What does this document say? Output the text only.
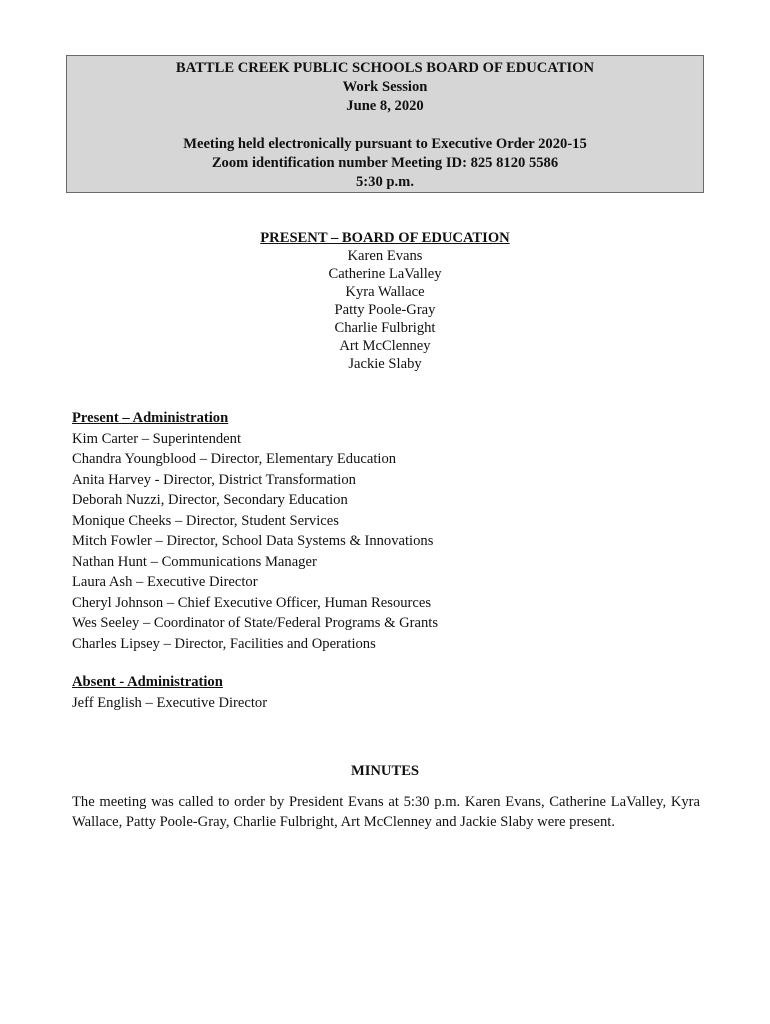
BATTLE CREEK PUBLIC SCHOOLS BOARD OF EDUCATION
Work Session
June 8, 2020
Meeting held electronically pursuant to Executive Order 2020-15
Zoom identification number Meeting ID: 825 8120 5586
5:30 p.m.
PRESENT – BOARD OF EDUCATION
Karen Evans
Catherine LaValley
Kyra Wallace
Patty Poole-Gray
Charlie Fulbright
Art McClenney
Jackie Slaby
Present – Administration
Kim Carter – Superintendent
Chandra Youngblood – Director, Elementary Education
Anita Harvey - Director, District Transformation
Deborah Nuzzi, Director, Secondary Education
Monique Cheeks – Director, Student Services
Mitch Fowler – Director, School Data Systems & Innovations
Nathan Hunt – Communications Manager
Laura Ash – Executive Director
Cheryl Johnson – Chief Executive Officer, Human Resources
Wes Seeley – Coordinator of State/Federal Programs & Grants
Charles Lipsey – Director, Facilities and Operations
Absent - Administration
Jeff English – Executive Director
MINUTES
The meeting was called to order by President Evans at 5:30 p.m. Karen Evans, Catherine LaValley, Kyra Wallace, Patty Poole-Gray, Charlie Fulbright, Art McClenney and Jackie Slaby were present.
